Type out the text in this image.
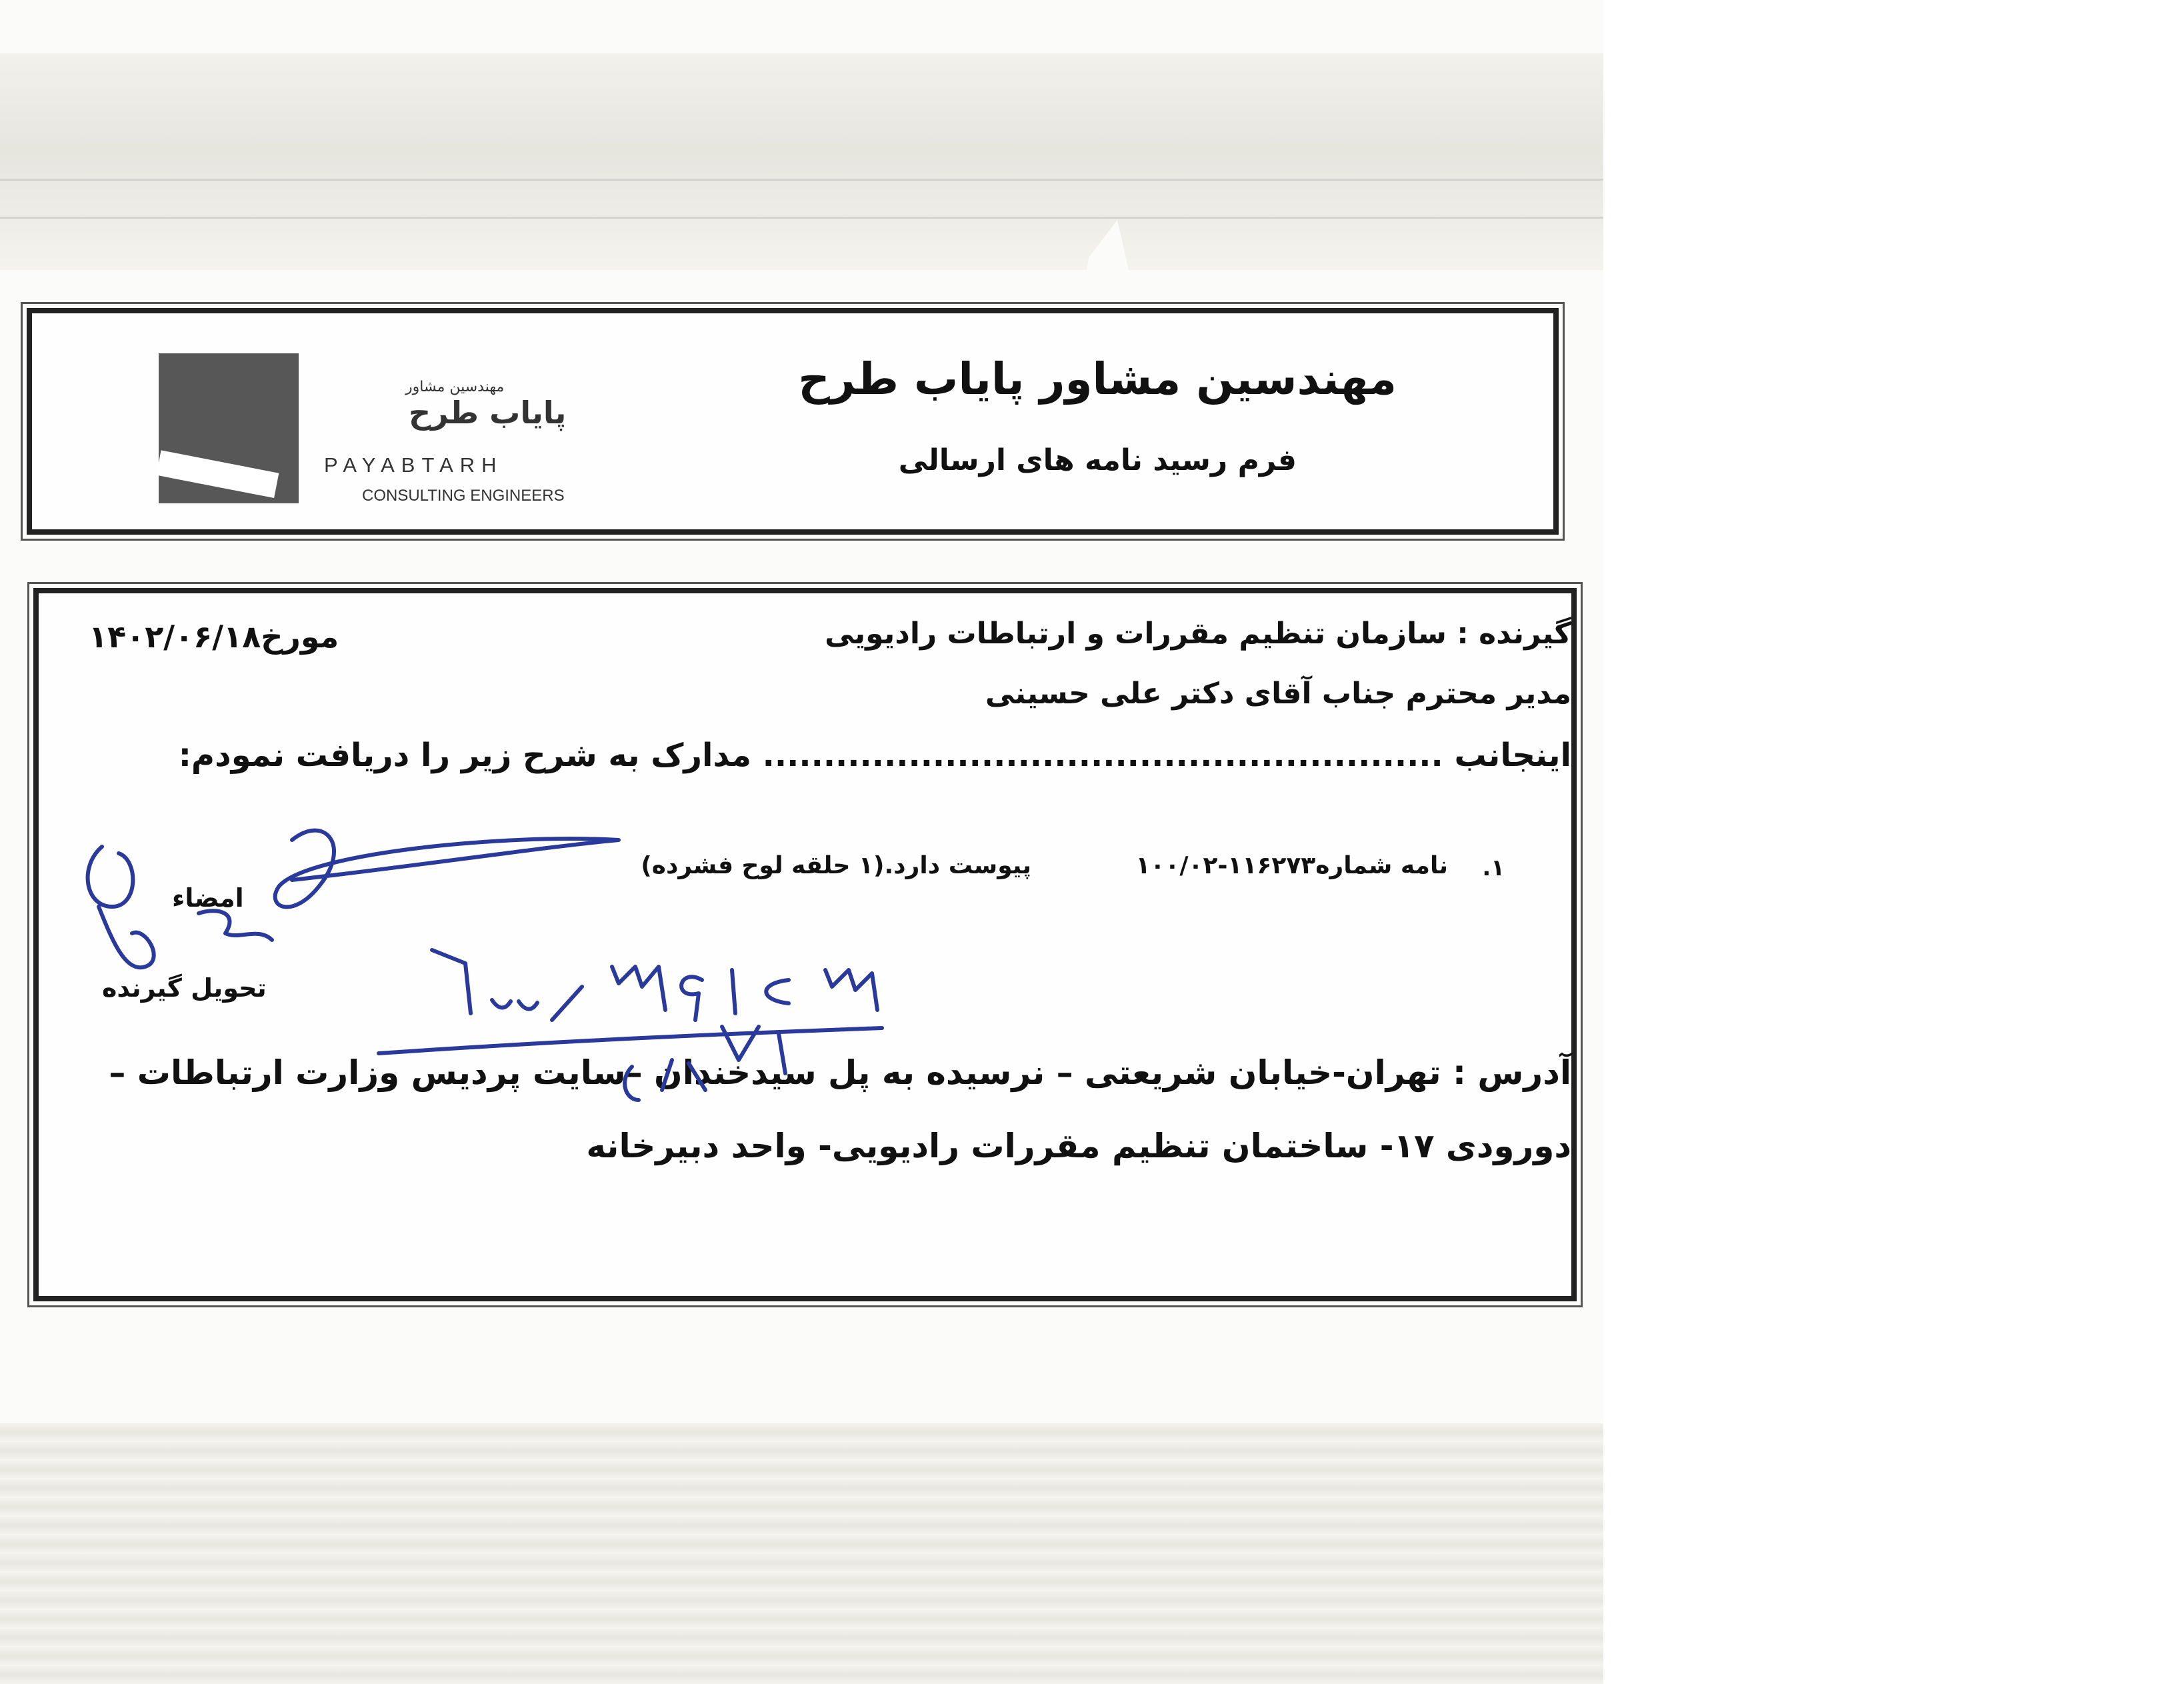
مهندسین مشاور
پایاب طرح
PAYABTARH
CONSULTING ENGINEERS
مهندسین مشاور پایاب طرح
فرم رسید نامه های ارسالی
گیرنده : سازمان تنظیم مقررات و ارتباطات رادیویی
مورخ۱۴۰۲/۰۶/۱۸
مدیر محترم جناب آقای دکتر علی حسینی
اینجانب ........................................................ مدارک به شرح زیر را دریافت نمودم:
۱.
نامه شماره۱۱۶۲۷۳-۱۰۰/۰۲
پیوست دارد.(۱ حلقه لوح فشرده)
امضاء
تحویل گیرنده
آدرس : تهران-خیابان شریعتی – نرسیده به پل سیدخندان –سایت پردیس وزارت ارتباطات –
دورودی ۱۷- ساختمان تنظیم مقررات رادیویی- واحد دبیرخانه
